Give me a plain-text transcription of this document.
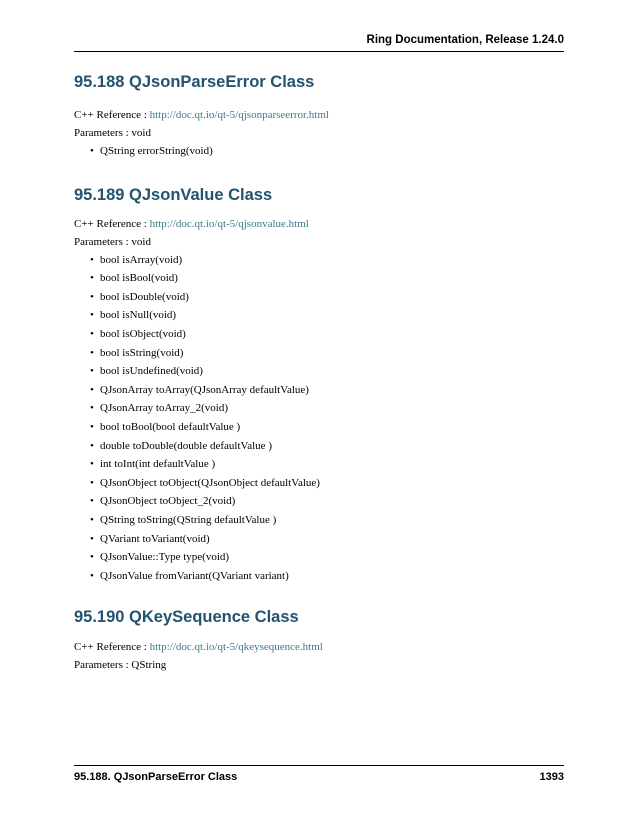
Ring Documentation, Release 1.24.0
95.188 QJsonParseError Class

C++ Reference : http://doc.qt.io/qt-5/qjsonparseerror.html

Parameters : void

• QString errorString(void)
95.189 QJsonValue Class

C++ Reference : http://doc.qt.io/qt-5/qjsonvalue.html

Parameters : void

• bool isArray(void)
• bool isBool(void)
• bool isDouble(void)
• bool isNull(void)
• bool isObject(void)
• bool isString(void)
• bool isUndefined(void)
• QJsonArray toArray(QJsonArray defaultValue)
• QJsonArray toArray_2(void)
• bool toBool(bool defaultValue )
• double toDouble(double defaultValue )
• int toInt(int defaultValue )
• QJsonObject toObject(QJsonObject defaultValue)
• QJsonObject toObject_2(void)
• QString toString(QString defaultValue )
• QVariant toVariant(void)
• QJsonValue::Type type(void)
• QJsonValue fromVariant(QVariant variant)
95.190 QKeySequence Class

C++ Reference : http://doc.qt.io/qt-5/qkeysequence.html

Parameters : QString

95.188. QJsonParseError Class	1393
